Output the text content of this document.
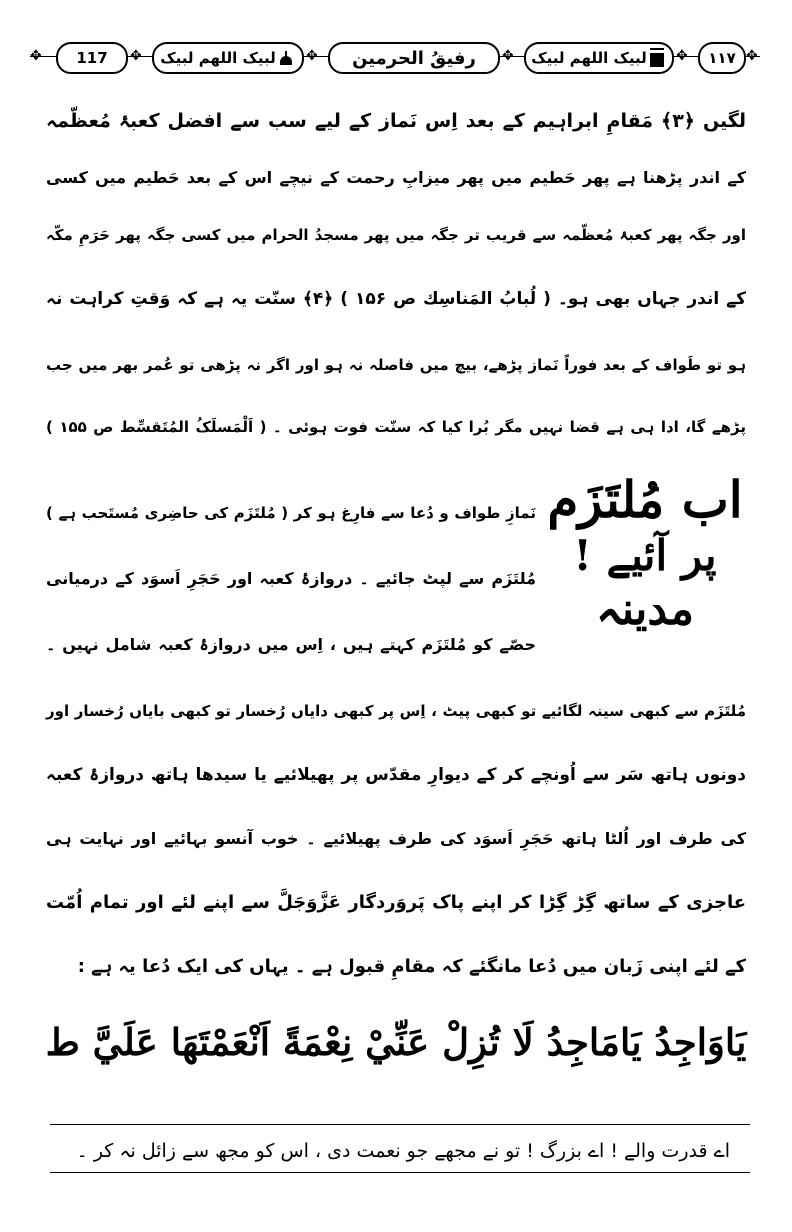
✥ 117 ✥ لبیک اللھم لبیک ✥ رفیقُ الحرمین ✥ لبیک اللھم لبیک ✥ ۱۱۷ ✥
لگیں ﴿۳﴾ مَقامِ ابراہیم کے بعد اِس نَماز کے لیے سب سے افضل کعبۂ مُعظّمہ
کے اندر پڑھنا ہے پھر حَطیم میں پھر میزابِ رحمت کے نیچے اس کے بعد حَطیم میں کسی
اور جگہ پھر کعبۂ مُعظّمہ سے قریب تر جگہ میں پھر مسجدُ الحرام میں کسی جگہ پھر حَرَمِ مکّہ
کے اندر جہاں بھی ہو۔ ( لُبابُ المَناسِك ص ۱۵۶ ) ﴿۴﴾ سنّت یہ ہے کہ وَقتِ کراہت نہ
ہو تو طَواف کے بعد فوراً نَماز پڑھے، بیچ میں فاصلہ نہ ہو اور اگر نہ پڑھی تو عُمر بھر میں جب
پڑھے گا، ادا ہی ہے قضا نہیں مگر بُرا کیا کہ سنّت فوت ہوئی ۔ ( اَلْمَسلَکُ المُتَقسِّط ص ۱۵۵ )
اب مُلتَزَم
پر آئیے !
مدینہ
نَمازِ طواف و دُعا سے فارِغ ہو کر ( مُلتَزَم کی حاضِری مُستَحب ہے )
مُلتَزَم سے لپٹ جائیے ۔ دروازۂ کعبہ اور حَجَرِ اَسوَد کے درمیانی
حصّے کو مُلتَزَم کہتے ہیں ، اِس میں دروازۂ کعبہ شامل نہیں ۔
مُلتَزَم سے کبھی سینہ لگائیے تو کبھی پیٹ ، اِس پر کبھی دایاں رُخسار تو کبھی بایاں رُخسار اور
دونوں ہاتھ سَر سے اُونچے کر کے دیوارِ مقدّس پر پھیلائیے یا سیدھا ہاتھ دروازۂ کعبہ
کی طرف اور اُلٹا ہاتھ حَجَرِ اَسوَد کی طرف پھیلائیے ۔ خوب آنسو بہائیے اور نہایت ہی
عاجزی کے ساتھ گِڑ گِڑا کر اپنے پاک پَروَردگار عَزَّوَجَلَّ سے اپنے لئے اور تمام اُمّت
کے لئے اپنی زَبان میں دُعا مانگئے کہ مقامِ قبول ہے ۔ یہاں کی ایک دُعا یہ ہے :
يَاوَاجِدُ يَامَاجِدُ لَا تُزِلْ عَنِّيْ نِعْمَةً اَنْعَمْتَهَا عَلَيَّ ط
اے قدرت والے ! اے بزرگ ! تو نے مجھے جو نعمت دی ، اس کو مجھ سے زائل نہ کر ۔
